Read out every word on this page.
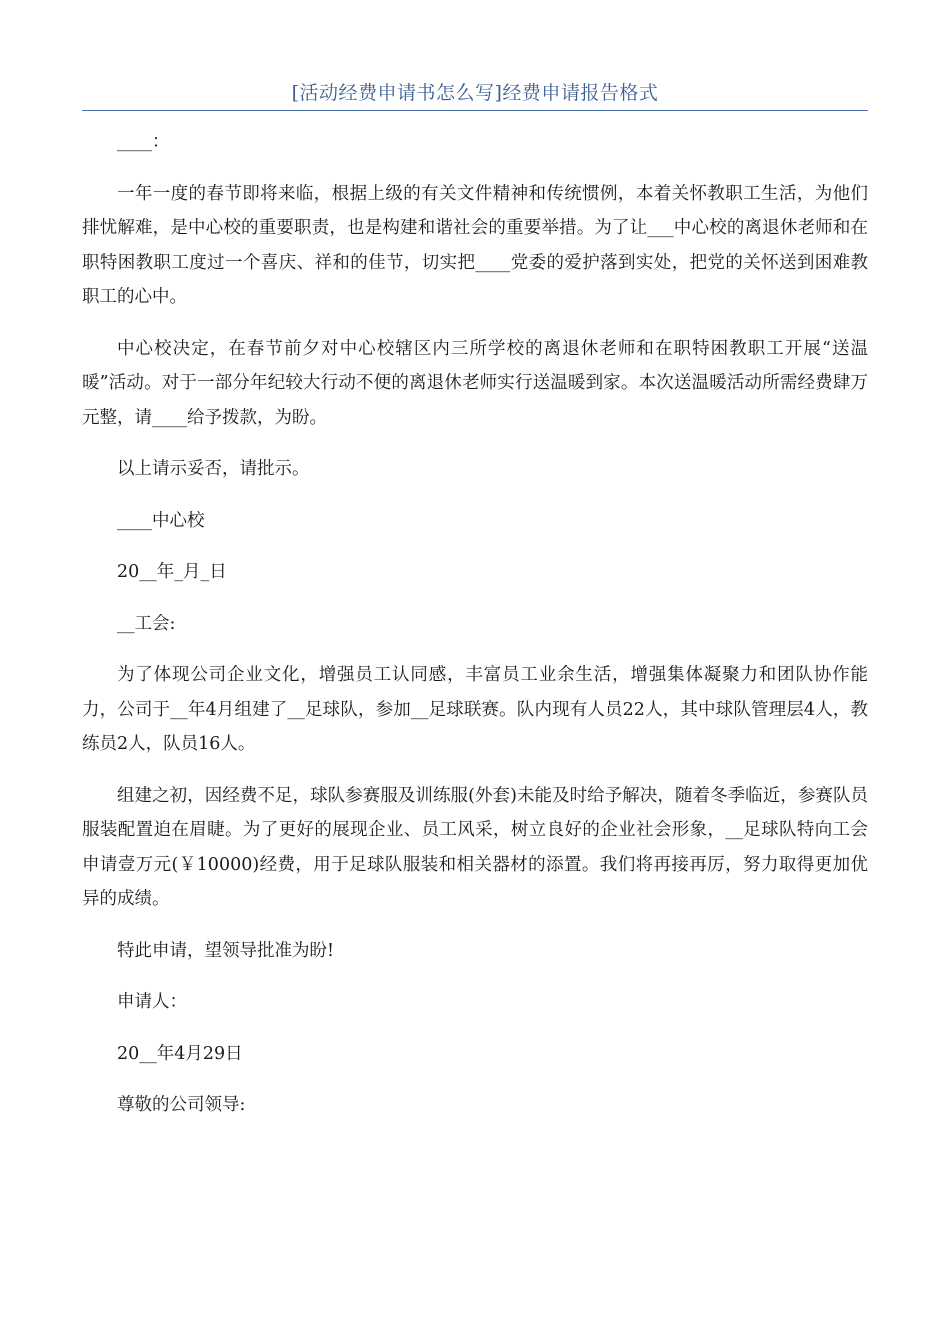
[活动经费申请书怎么写]经费申请报告格式

____：

一年一度的春节即将来临，根据上级的有关文件精神和传统惯例，本着关怀教职工生活，为他们排忧解难，是中心校的重要职责，也是构建和谐社会的重要举措。为了让___中心校的离退休老师和在职特困教职工度过一个喜庆、祥和的佳节，切实把____党委的爱护落到实处，把党的关怀送到困难教职工的心中。

中心校决定，在春节前夕对中心校辖区内三所学校的离退休老师和在职特困教职工开展“送温暖”活动。对于一部分年纪较大行动不便的离退休老师实行送温暖到家。本次送温暖活动所需经费肆万元整，请____给予拨款，为盼。

以上请示妥否，请批示。

____中心校

20__年_月_日

__工会:

为了体现公司企业文化，增强员工认同感，丰富员工业余生活，增强集体凝聚力和团队协作能力，公司于__年4月组建了__足球队，参加__足球联赛。队内现有人员22人，其中球队管理层4人，教练员2人，队员16人。

组建之初，因经费不足，球队参赛服及训练服(外套)未能及时给予解决，随着冬季临近，参赛队员服装配置迫在眉睫。为了更好的展现企业、员工风采，树立良好的企业社会形象，__足球队特向工会申请壹万元(￥10000)经费，用于足球队服装和相关器材的添置。我们将再接再厉，努力取得更加优异的成绩。

特此申请，望领导批准为盼!

申请人：

20__年4月29日

尊敬的公司领导:
